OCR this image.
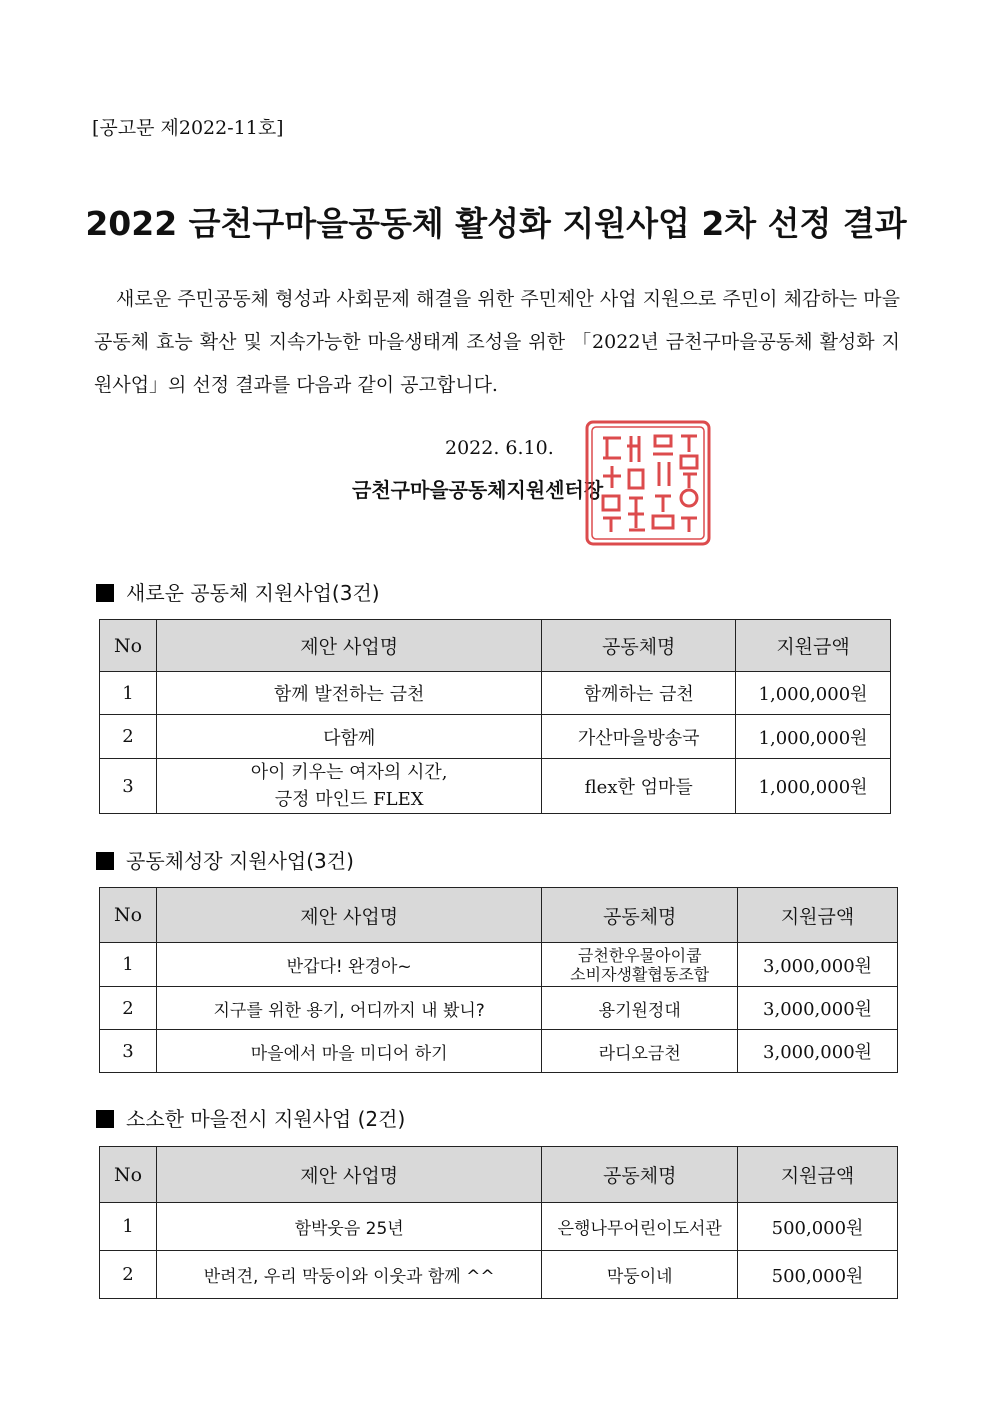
[공고문 제2022-11호]
2022 금천구마을공동체 활성화 지원사업 2차 선정 결과
새로운 주민공동체 형성과 사회문제 해결을 위한 주민제안 사업 지원으로 주민이 체감하는 마을공동체 효능 확산 및 지속가능한 마을생태계 조성을 위한 「2022년 금천구마을공동체 활성화 지원사업」의 선정 결과를 다음과 같이 공고합니다.
2022. 6.10.
금천구마을공동체지원센터장
새로운 공동체 지원사업(3건)
No	제안 사업명	공동체명	지원금액
1	함께 발전하는 금천	함께하는 금천	1,000,000원
2	다함께	가산마을방송국	1,000,000원
3	아이 키우는 여자의 시간,
긍정 마인드 FLEX	flex한 엄마들	1,000,000원
공동체성장 지원사업(3건)
No	제안 사업명	공동체명	지원금액
1	반갑다! 완경아~	금천한우물아이쿱
소비자생활협동조합	3,000,000원
2	지구를 위한 용기, 어디까지 내 봤니?	용기원정대	3,000,000원
3	마을에서 마을 미디어 하기	라디오금천	3,000,000원
소소한 마을전시 지원사업 (2건)
No	제안 사업명	공동체명	지원금액
1	함박웃음 25년	은행나무어린이도서관	500,000원
2	반려견, 우리 막둥이와 이웃과 함께 ^^	막둥이네	500,000원
